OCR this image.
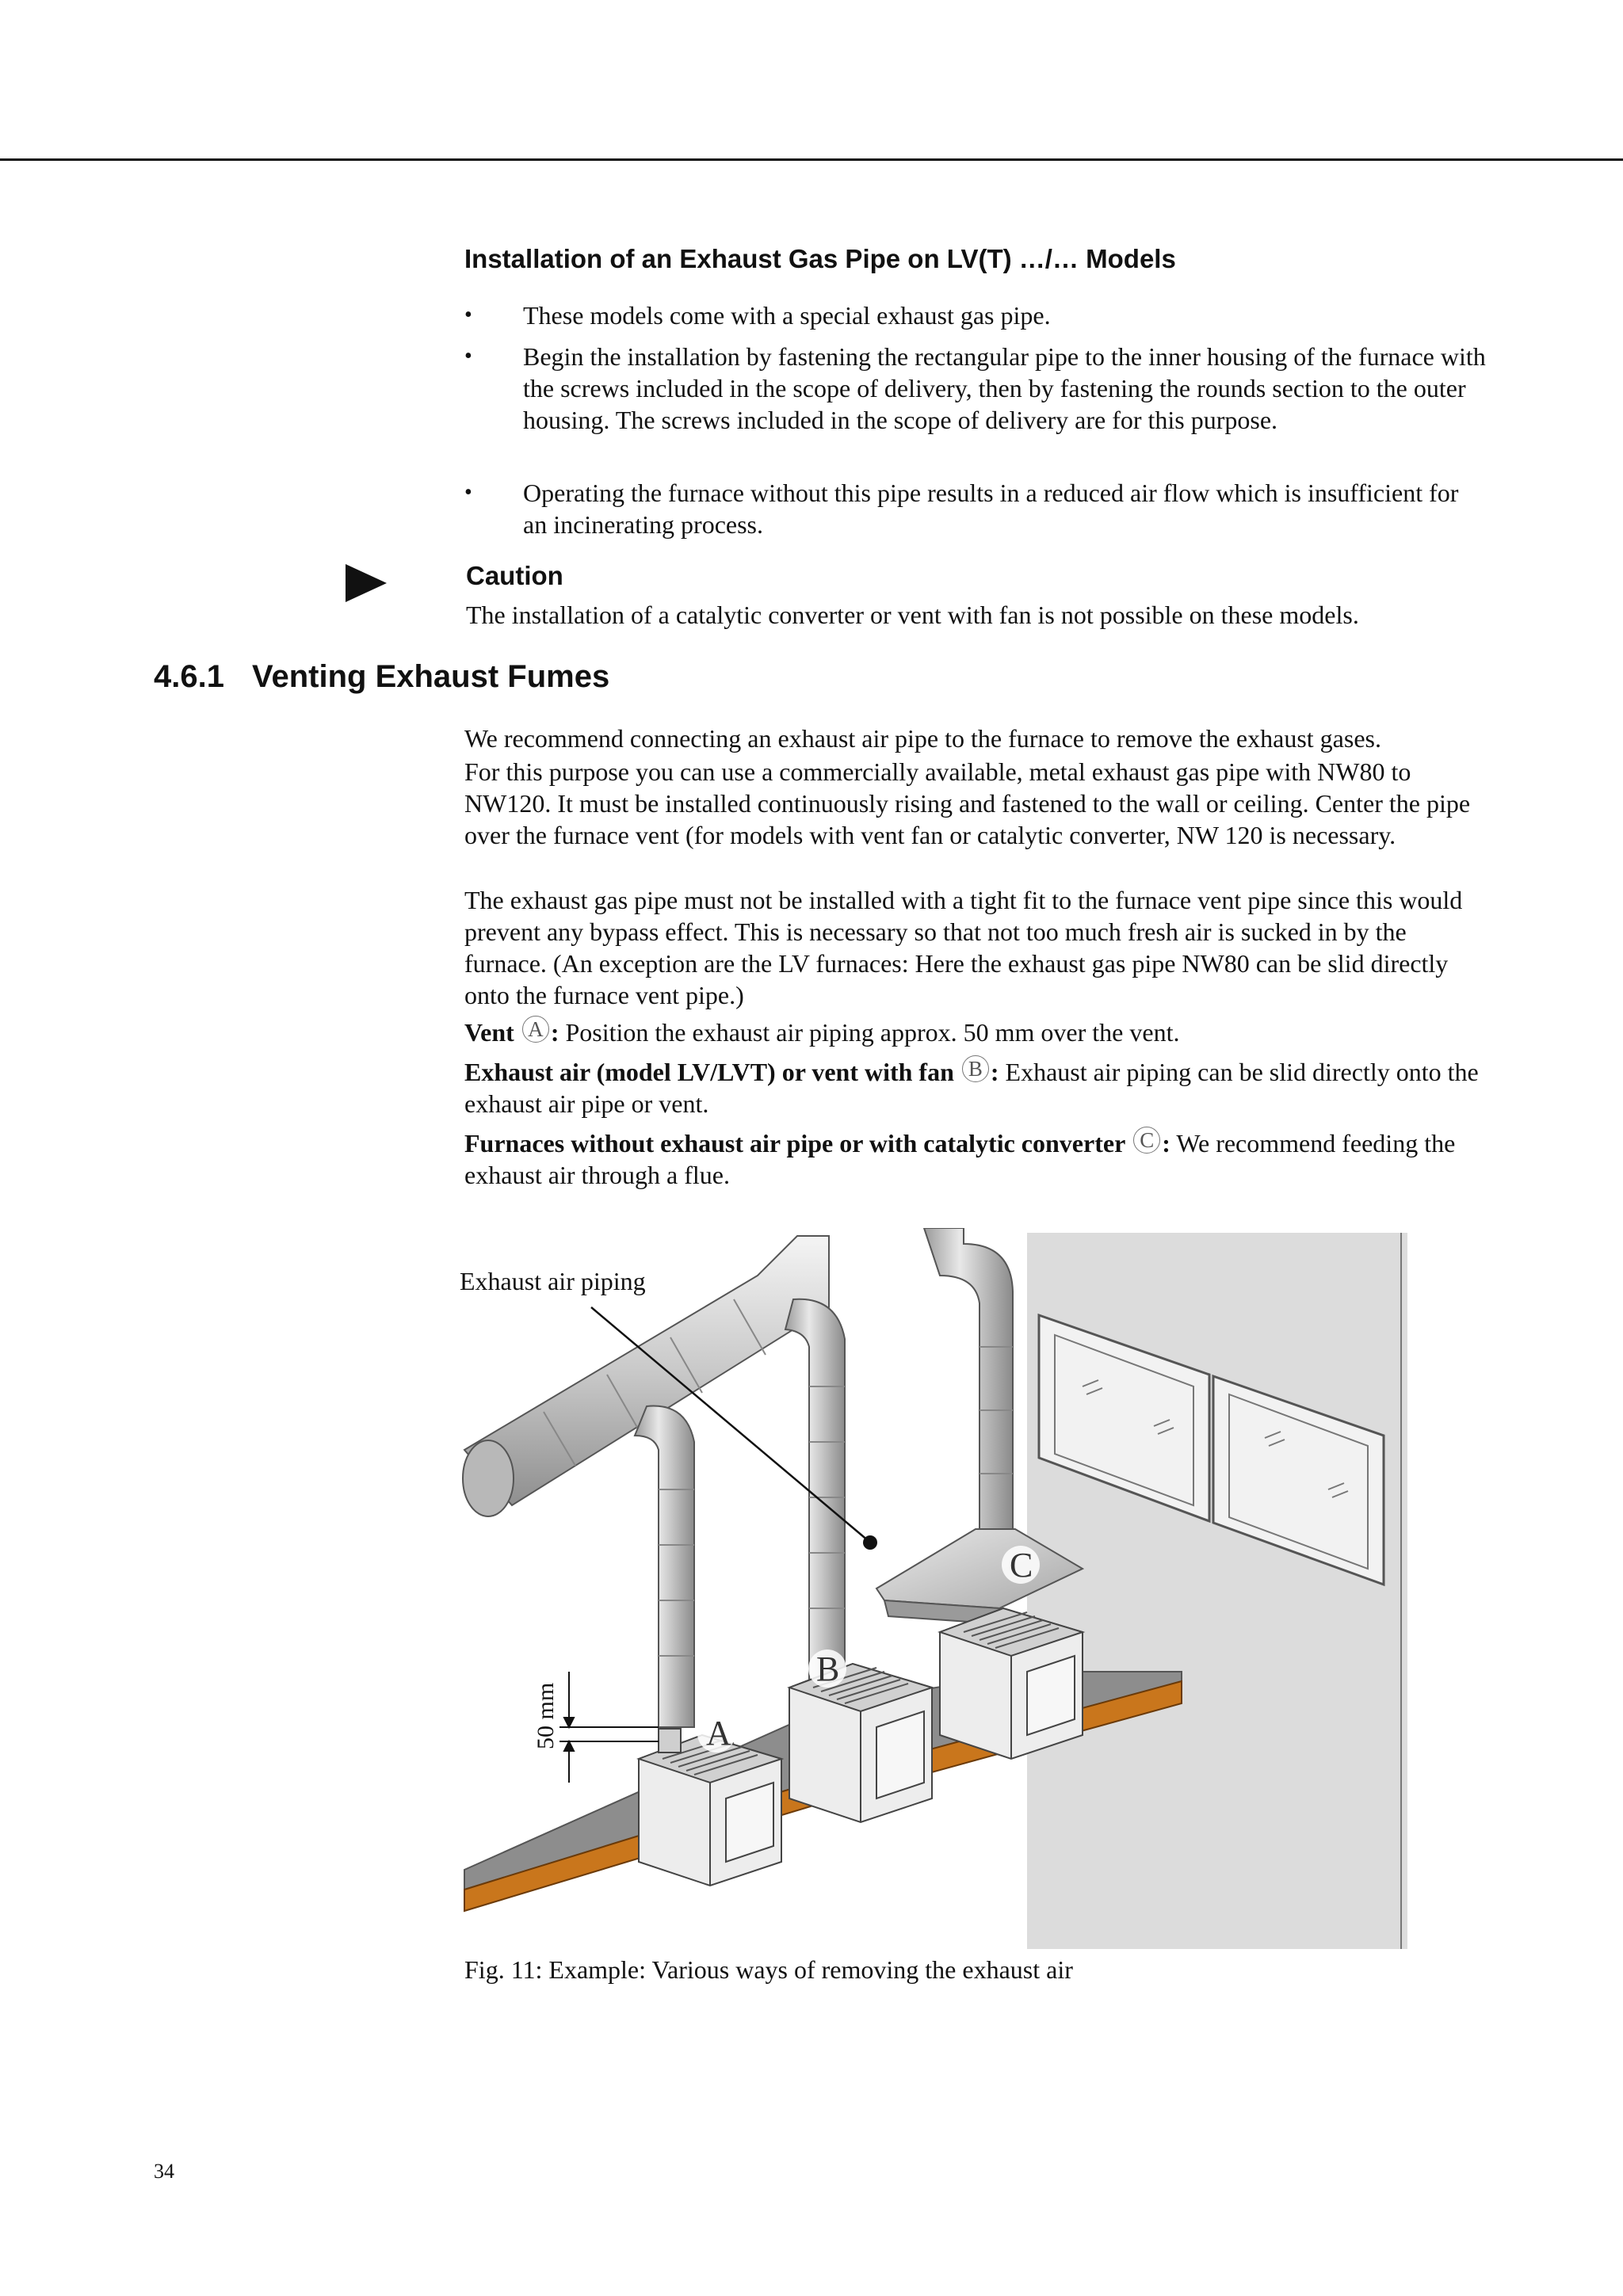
Installation of an Exhaust Gas Pipe on LV(T) …/… Models
• These models come with a special exhaust gas pipe.
• Begin the installation by fastening the rectangular pipe to the inner housing of the furnace with the screws included in the scope of delivery, then by fastening the rounds section to the outer housing. The screws included in the scope of delivery are for this purpose.
• Operating the furnace without this pipe results in a reduced air flow which is insufficient for an incinerating process.
Caution
The installation of a catalytic converter or vent with fan is not possible on these models.
4.6.1 Venting Exhaust Fumes
We recommend connecting an exhaust air pipe to the furnace to remove the exhaust gases.
For this purpose you can use a commercially available, metal exhaust gas pipe with NW80 to NW120. It must be installed continuously rising and fastened to the wall or ceiling. Center the pipe over the furnace vent (for models with vent fan or catalytic converter, NW 120 is necessary.
The exhaust gas pipe must not be installed with a tight fit to the furnace vent pipe since this would prevent any bypass effect. This is necessary so that not too much fresh air is sucked in by the furnace. (An exception are the LV furnaces: Here the exhaust gas pipe NW80 can be slid directly onto the furnace vent pipe.)
Vent A : Position the exhaust air piping approx. 50 mm over the vent.
Exhaust air (model LV/LVT) or vent with fan B : Exhaust air piping can be slid directly onto the exhaust air pipe or vent.
Furnaces without exhaust air pipe or with catalytic converter C : We recommend feeding the exhaust air through a flue.
50 mm
Exhaust air piping
A
B
C
Fig. 11: Example: Various ways of removing the exhaust air
34
